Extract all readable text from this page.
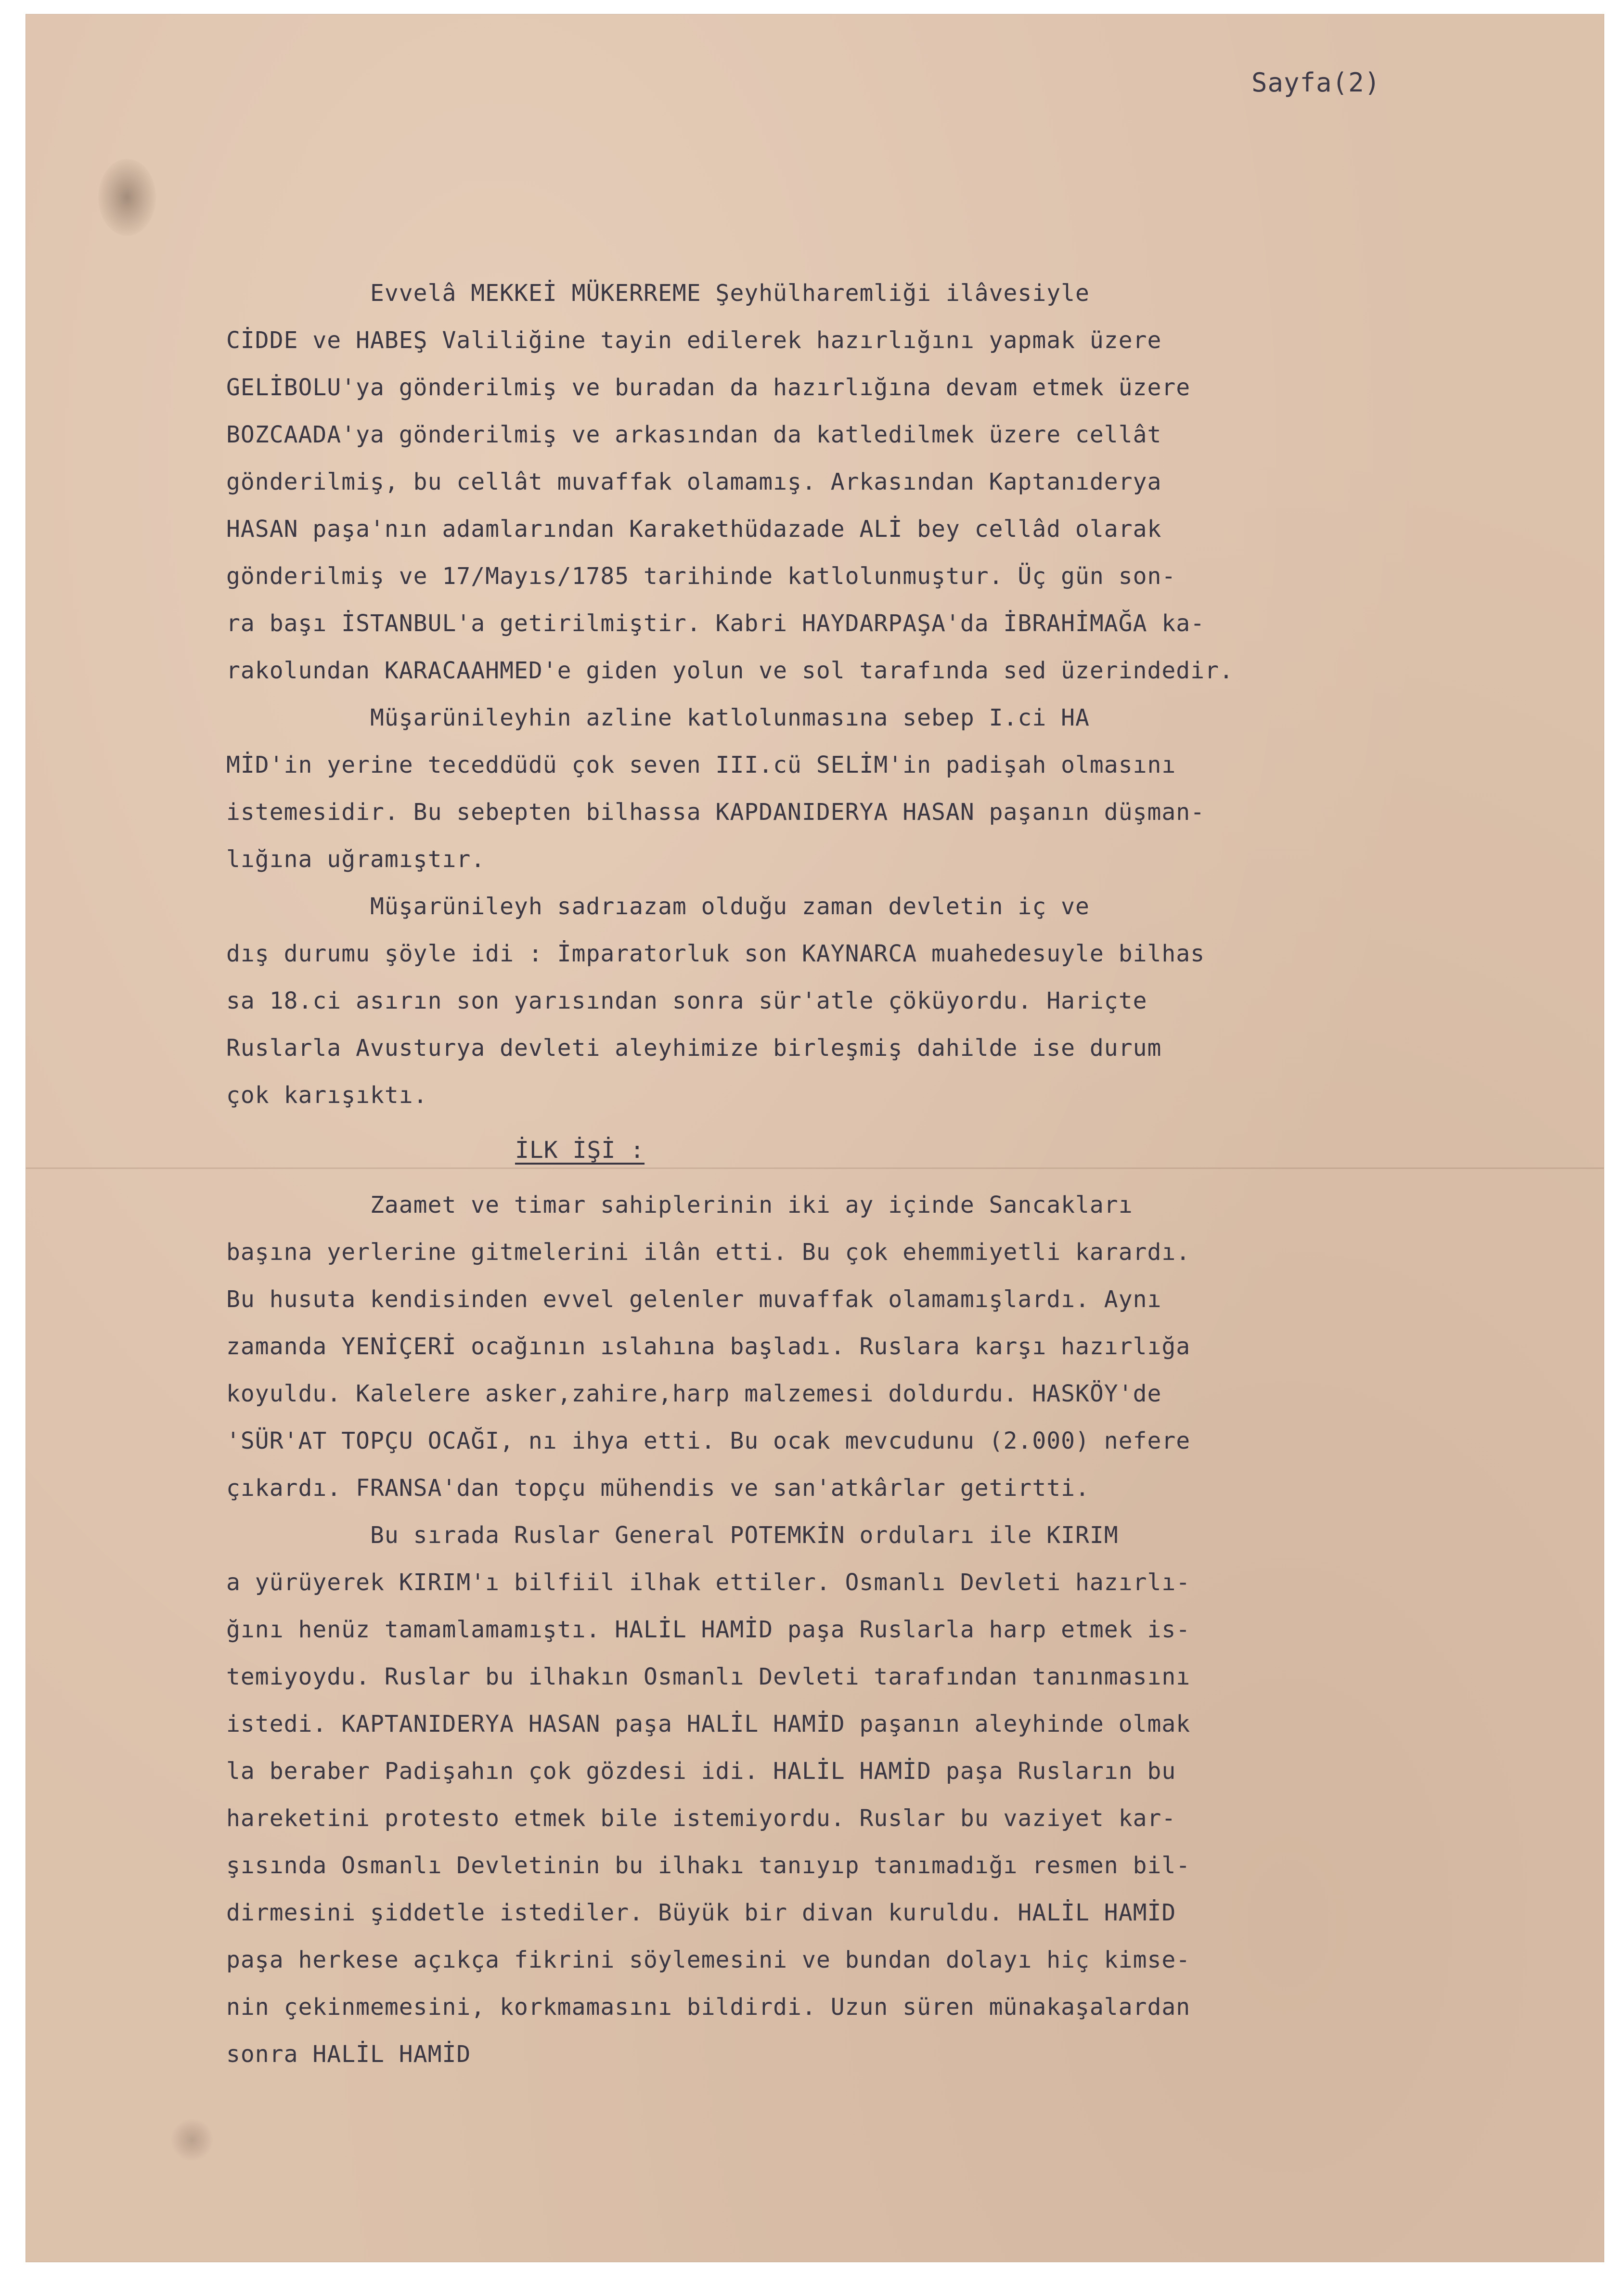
Sayfa(2)

Evvelâ MEKKEİ MÜKERREME Şeyhülharemliği ilâvesiyle

CİDDE ve HABEŞ Valiliğine tayin edilerek hazırlığını yapmak üzere

GELİBOLU'ya gönderilmiş ve buradan da hazırlığına devam etmek üzere

BOZCAADA'ya gönderilmiş ve arkasından da katledilmek üzere cellât

gönderilmiş, bu cellât muvaffak olamamış. Arkasından Kaptanıderya

HASAN paşa'nın adamlarından Karakethüdazade ALİ bey cellâd olarak

gönderilmiş ve 17/Mayıs/1785 tarihinde katlolunmuştur. Üç gün son-

ra başı İSTANBUL'a getirilmiştir. Kabri HAYDARPAŞA'da İBRAHİMAĞA ka-

rakolundan KARACAAHMED'e giden yolun ve sol tarafında sed üzerindedir.

Müşarünileyhin azline katlolunmasına sebep I.ci HA

MİD'in yerine teceddüdü çok seven III.cü SELİM'in padişah olmasını

istemesidir. Bu sebepten bilhassa KAPDANIDERYA HASAN paşanın düşman-

lığına uğramıştır.

Müşarünileyh sadrıazam olduğu zaman devletin iç ve

dış durumu şöyle idi : İmparatorluk son KAYNARCA muahedesuyle bilhas

sa 18.ci asırın son yarısından sonra sür'atle çöküyordu. Hariçte

Ruslarla Avusturya devleti aleyhimize birleşmiş dahilde ise durum

çok karışıktı.

İLK İŞİ :

Zaamet ve timar sahiplerinin iki ay içinde Sancakları

başına yerlerine gitmelerini ilân etti. Bu çok ehemmiyetli karardı.

Bu husuta kendisinden evvel gelenler muvaffak olamamışlardı. Aynı

zamanda YENİÇERİ ocağının ıslahına başladı. Ruslara karşı hazırlığa

koyuldu. Kalelere asker,zahire,harp malzemesi doldurdu. HASKÖY'de

'SÜR'AT TOPÇU OCAĞI, nı ihya etti. Bu ocak mevcudunu (2.000) nefere

çıkardı. FRANSA'dan topçu mühendis ve san'atkârlar getirtti.

Bu sırada Ruslar General POTEMKİN orduları ile KIRIM

a yürüyerek KIRIM'ı bilfiil ilhak ettiler. Osmanlı Devleti hazırlı-

ğını henüz tamamlamamıştı. HALİL HAMİD paşa Ruslarla harp etmek is-

temiyoydu. Ruslar bu ilhakın Osmanlı Devleti tarafından tanınmasını

istedi. KAPTANIDERYA HASAN paşa HALİL HAMİD paşanın aleyhinde olmak

la beraber Padişahın çok gözdesi idi. HALİL HAMİD paşa Rusların bu

hareketini protesto etmek bile istemiyordu. Ruslar bu vaziyet kar-

şısında Osmanlı Devletinin bu ilhakı tanıyıp tanımadığı resmen bil-

dirmesini şiddetle istediler. Büyük bir divan kuruldu. HALİL HAMİD

paşa herkese açıkça fikrini söylemesini ve bundan dolayı hiç kimse-

nin çekinmemesini, korkmamasını bildirdi. Uzun süren münakaşalardan

sonra HALİL HAMİD
